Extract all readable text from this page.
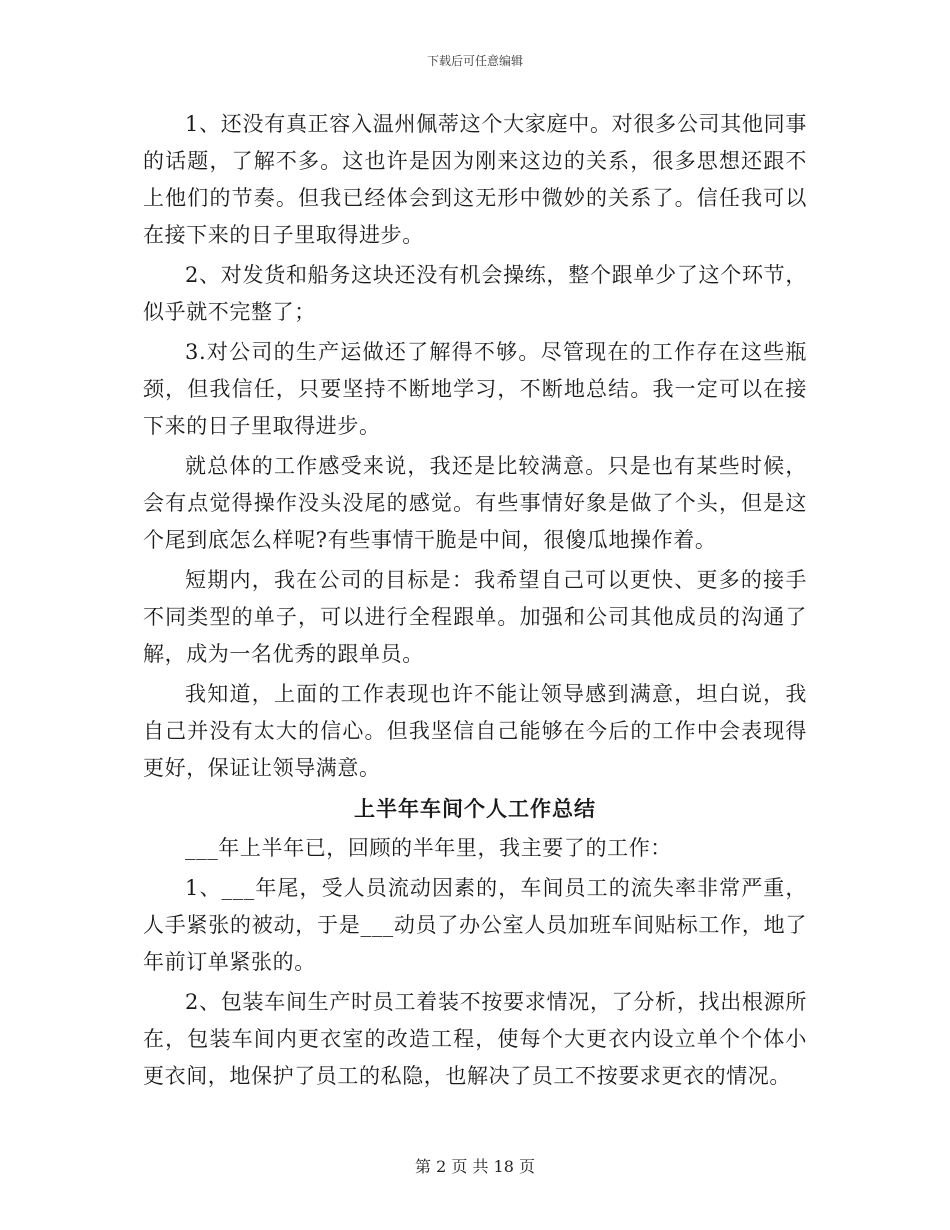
下载后可任意编辑

1、还没有真正容入温州佩蒂这个大家庭中。对很多公司其他同事的话题，了解不多。这也许是因为刚来这边的关系，很多思想还跟不上他们的节奏。但我已经体会到这无形中微妙的关系了。信任我可以在接下来的日子里取得进步。

2、对发货和船务这块还没有机会操练，整个跟单少了这个环节，似乎就不完整了；

3.对公司的生产运做还了解得不够。尽管现在的工作存在这些瓶颈，但我信任，只要坚持不断地学习，不断地总结。我一定可以在接下来的日子里取得进步。

就总体的工作感受来说，我还是比较满意。只是也有某些时候，会有点觉得操作没头没尾的感觉。有些事情好象是做了个头，但是这个尾到底怎么样呢?有些事情干脆是中间，很傻瓜地操作着。

短期内，我在公司的目标是：我希望自己可以更快、更多的接手不同类型的单子，可以进行全程跟单。加强和公司其他成员的沟通了解，成为一名优秀的跟单员。

我知道，上面的工作表现也许不能让领导感到满意，坦白说，我自己并没有太大的信心。但我坚信自己能够在今后的工作中会表现得更好，保证让领导满意。

上半年车间个人工作总结

___年上半年已，回顾的半年里，我主要了的工作：

1、___年尾，受人员流动因素的，车间员工的流失率非常严重，人手紧张的被动，于是___动员了办公室人员加班车间贴标工作，地了年前订单紧张的。

2、包装车间生产时员工着装不按要求情况，了分析，找出根源所在，包装车间内更衣室的改造工程，使每个大更衣内设立单个个体小更衣间，地保护了员工的私隐，也解决了员工不按要求更衣的情况。

第 2 页 共 18 页
